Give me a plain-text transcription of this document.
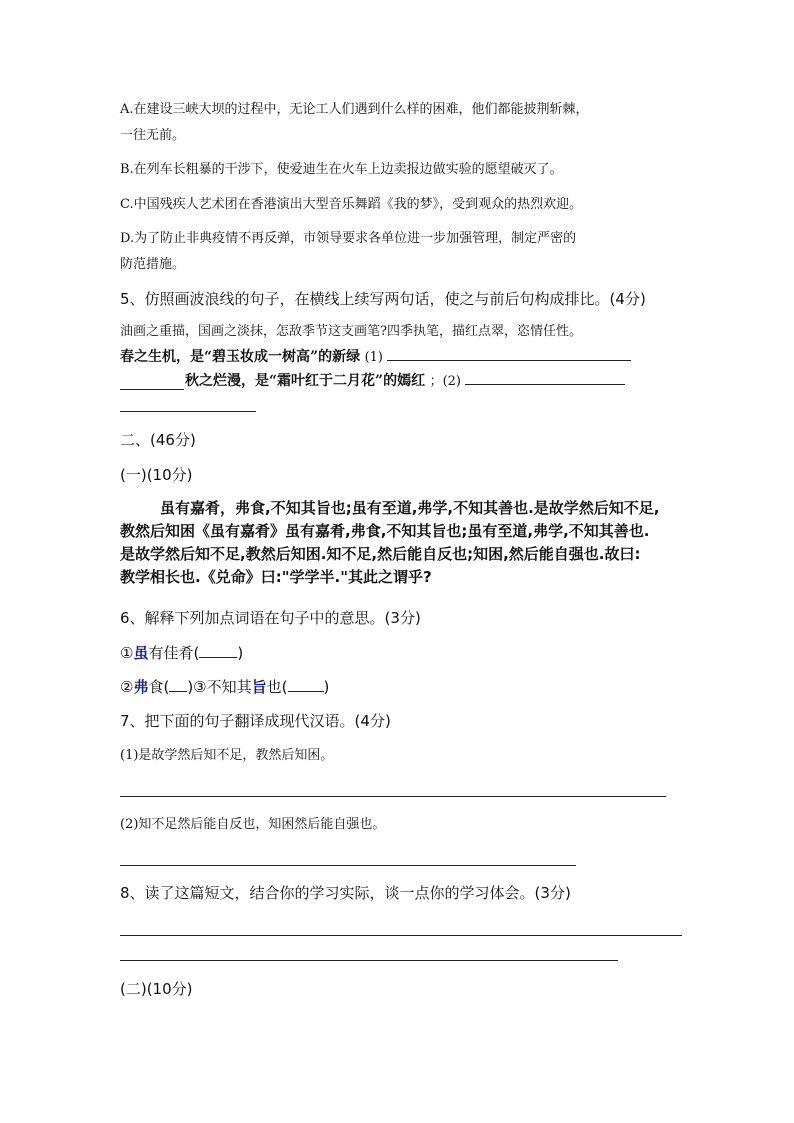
A.在建设三峡大坝的过程中，无论工人们遇到什么样的困难，他们都能披荆斩棘，
一往无前。
B.在列车长粗暴的干涉下，使爱迪生在火车上边卖报边做实验的愿望破灭了。
C.中国残疾人艺术团在香港演出大型音乐舞蹈《我的梦》，受到观众的热烈欢迎。
D.为了防止非典疫情不再反弹，市领导要求各单位进一步加强管理，制定严密的
防范措施。
5、仿照画波浪线的句子，在横线上续写两句话，使之与前后句构成排比。(4分)
油画之重描，国画之淡抹，怎敌季节这支画笔?四季执笔，描红点翠，恣情任性。
春之生机，是“碧玉妆成一树高”的新绿 (1)
秋之烂漫，是“霜叶红于二月花”的嫣红 ；(2)
二、(46分)
(一)(10分)

虽有嘉肴，弗食,不知其旨也;虽有至道,弗学,不知其善也.是故学然后知不足,

教然后知困《虽有嘉肴》虽有嘉肴,弗食,不知其旨也;虽有至道,弗学,不知其善也.

是故学然后知不足,教然后知困.知不足,然后能自反也;知困,然后能自强也.故曰:

教学相长也.《兑命》曰:"学学半."其此之谓乎?

6、解释下列加点词语在句子中的意思。(3分)
①虽有佳肴(	)
②弗食( )③不知其旨也( )
7、把下面的句子翻译成现代汉语。(4分)
(1)是故学然后知不足，教然后知困。
(2)知不足然后能自反也，知困然后能自强也。
8、读了这篇短文，结合你的学习实际，谈一点你的学习体会。(3分)
(二)(10分)
